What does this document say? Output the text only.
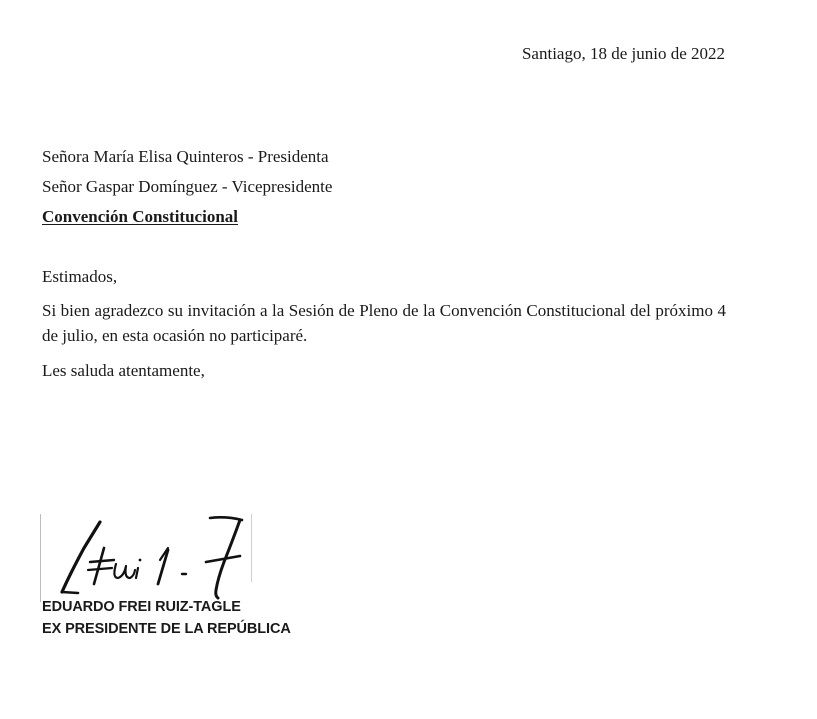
Santiago, 18 de junio de 2022
Señora María Elisa Quinteros - Presidenta
Señor Gaspar Domínguez - Vicepresidente
Convención Constitucional

Estimados,

Si bien agradezco su invitación a la Sesión de Pleno de la Convención Constitucional del próximo 4 de julio, en esta ocasión no participaré.

Les saluda atentamente,

EDUARDO FREI RUIZ-TAGLE
EX PRESIDENTE DE LA REPÚBLICA
